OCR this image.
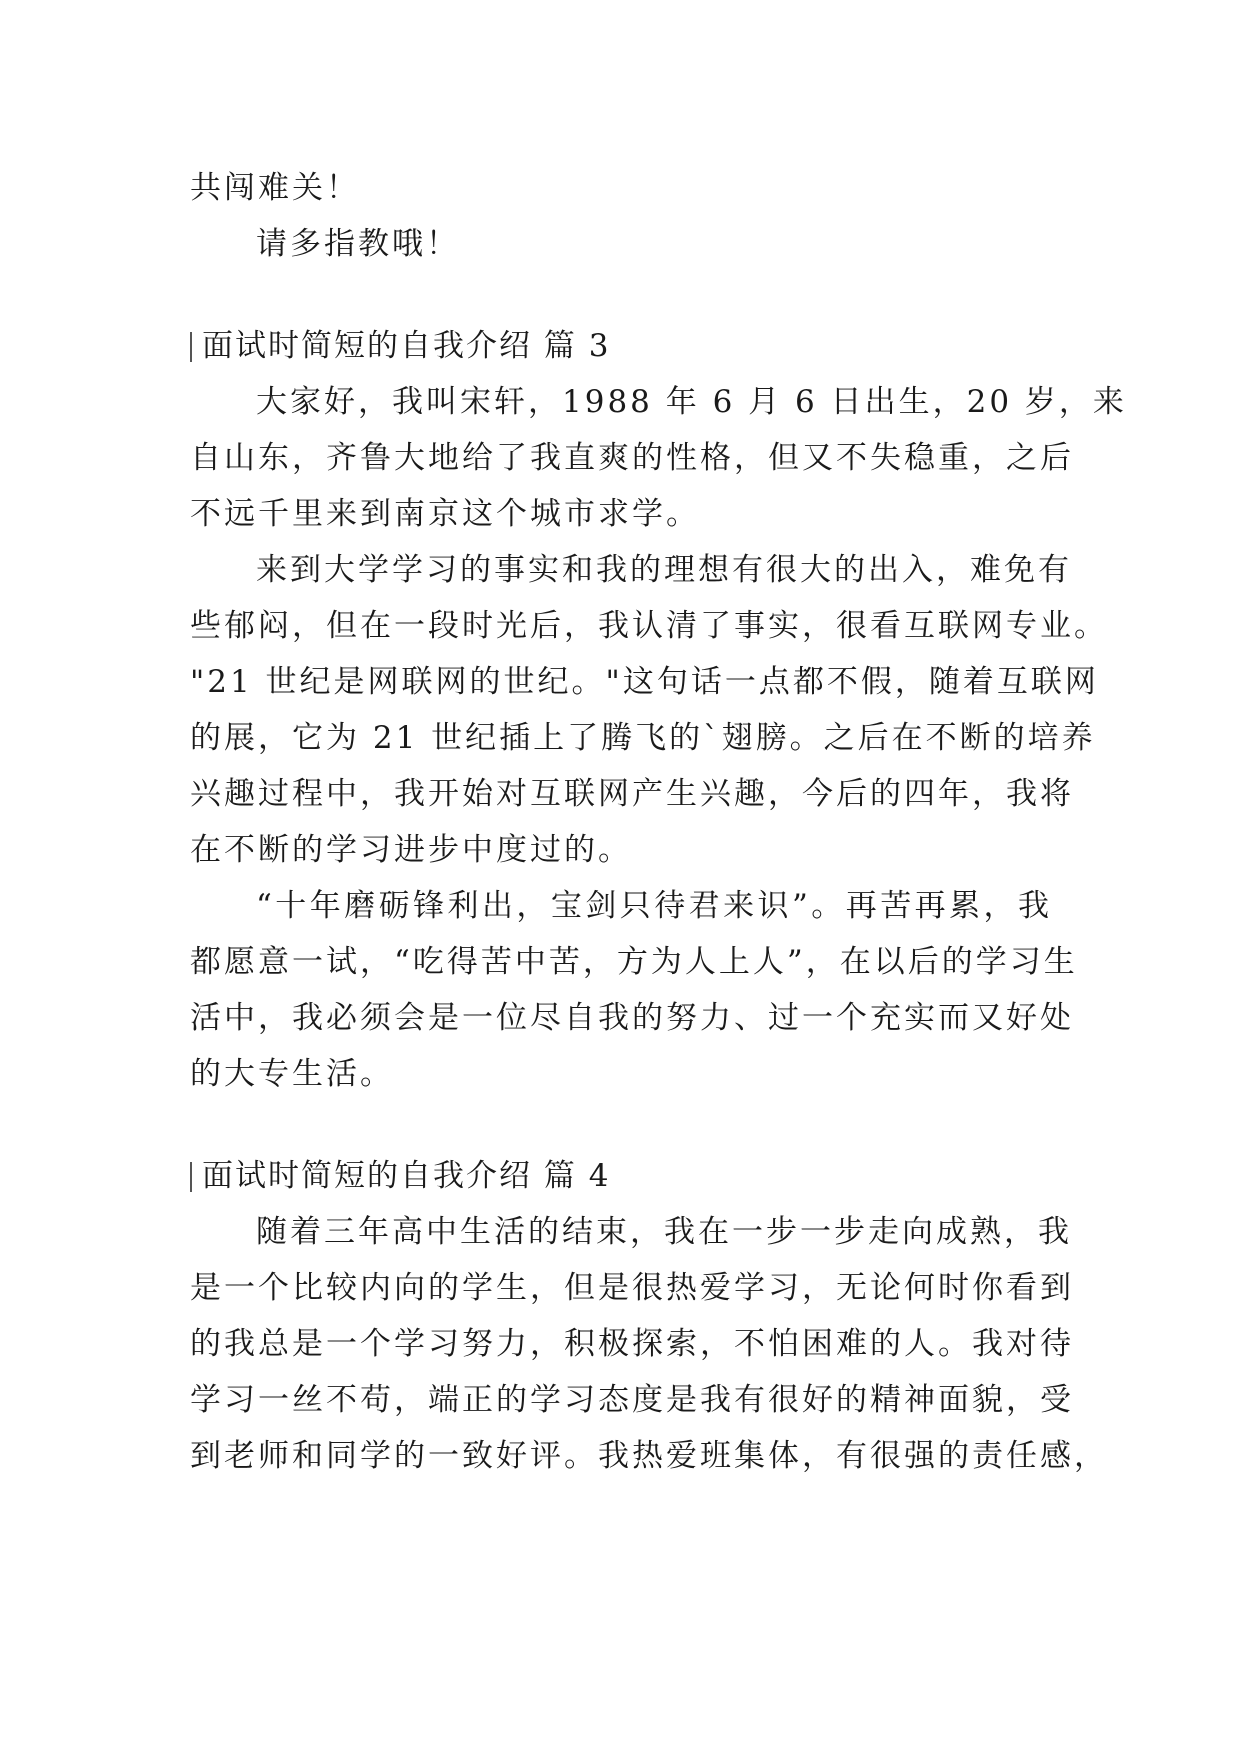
共闯难关！
请多指教哦！
面试时简短的自我介绍 篇 3
大家好，我叫宋轩，1988 年 6 月 6 日出生，20 岁，来
自山东，齐鲁大地给了我直爽的性格，但又不失稳重，之后
不远千里来到南京这个城市求学。
来到大学学习的事实和我的理想有很大的出入，难免有
些郁闷，但在一段时光后，我认清了事实，很看互联网专业。
"21 世纪是网联网的世纪。"这句话一点都不假，随着互联网
的展，它为 21 世纪插上了腾飞的`翅膀。之后在不断的培养
兴趣过程中，我开始对互联网产生兴趣，今后的四年，我将
在不断的学习进步中度过的。
“十年磨砺锋利出，宝剑只待君来识”。再苦再累，我
都愿意一试，“吃得苦中苦，方为人上人”，在以后的学习生
活中，我必须会是一位尽自我的努力、过一个充实而又好处
的大专生活。
面试时简短的自我介绍 篇 4
随着三年高中生活的结束，我在一步一步走向成熟，我
是一个比较内向的学生，但是很热爱学习，无论何时你看到
的我总是一个学习努力，积极探索，不怕困难的人。我对待
学习一丝不苟，端正的学习态度是我有很好的精神面貌，受
到老师和同学的一致好评。我热爱班集体，有很强的责任感，
